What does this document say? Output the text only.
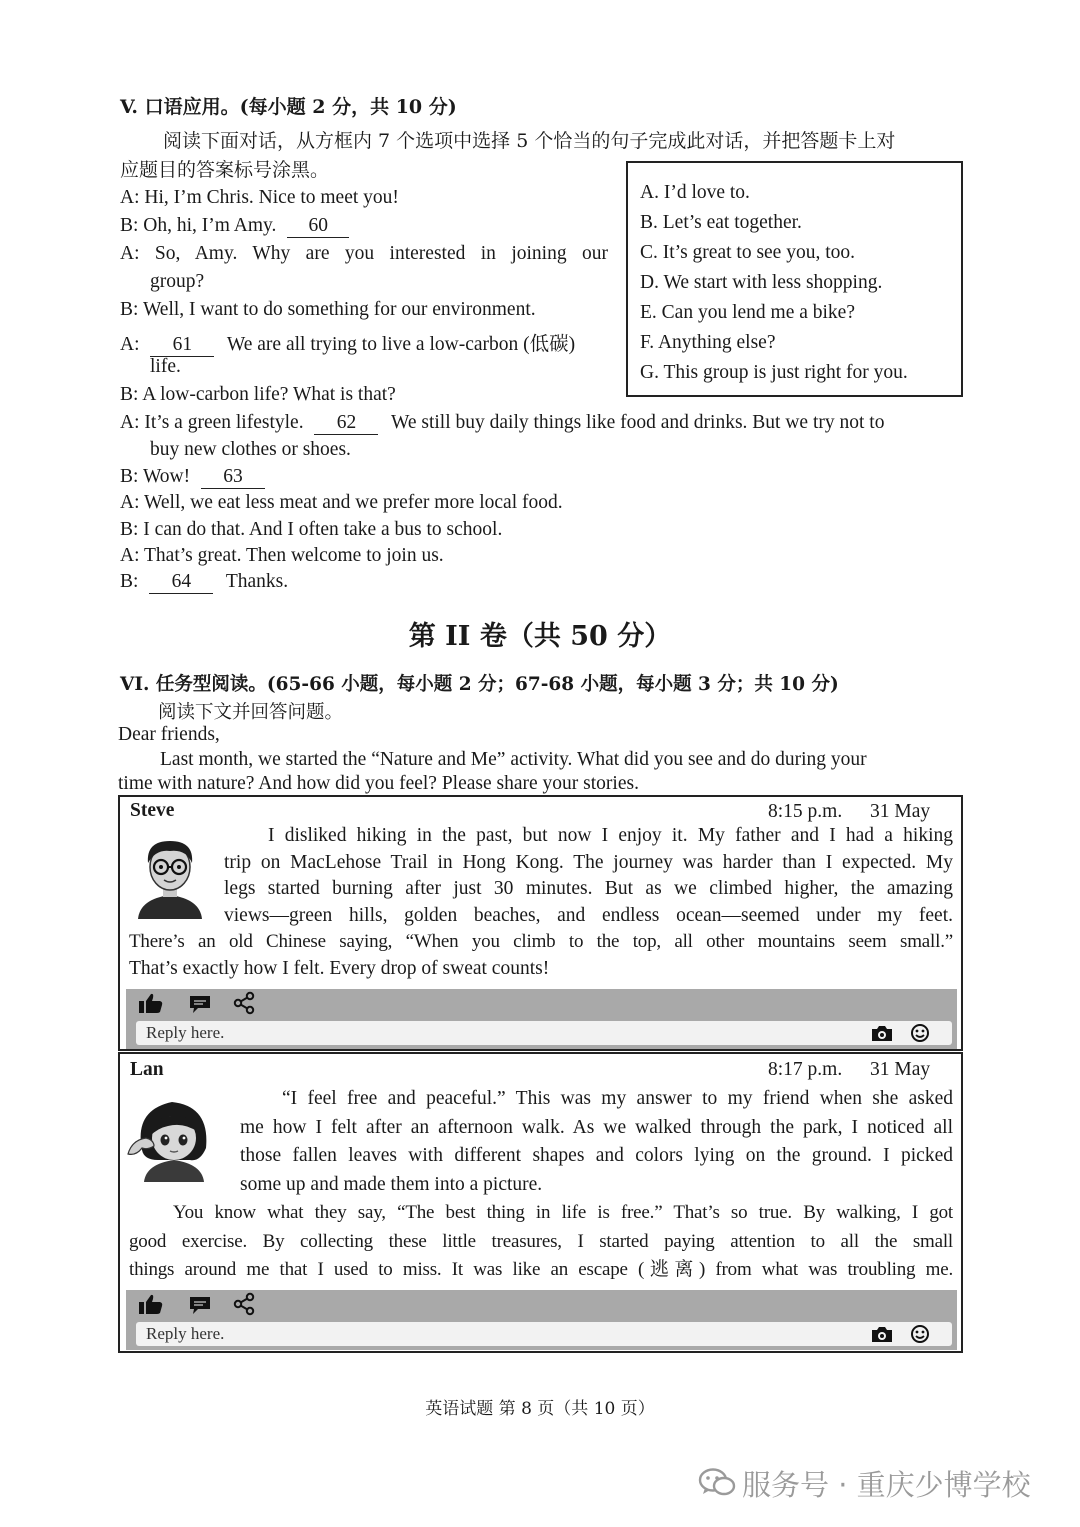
V. 口语应用。(每小题 2 分，共 10 分)
阅读下面对话，从方框内 7 个选项中选择 5 个恰当的句子完成此对话，并把答题卡上对
应题目的答案标号涂黑。
A. I’d love to.
B. Let’s eat together.
C. It’s great to see you, too.
D. We start with less shopping.
E. Can you lend me a bike?
F. Anything else?
G. This group is just right for you.
A: Hi, I’m Chris. Nice to meet you!
B: Oh, hi, I’m Amy. 60
A: So, Amy. Why are you interested in joining our
group?
B: Well, I want to do something for our environment.
A: 61 We are all trying to live a low-carbon (低碳)
life.
B: A low-carbon life? What is that?
A: It’s a green lifestyle. 62 We still buy daily things like food and drinks. But we try not to
buy new clothes or shoes.
B: Wow! 63
A: Well, we eat less meat and we prefer more local food.
B: I can do that. And I often take a bus to school.
A: That’s great. Then welcome to join us.
B: 64 Thanks.
第 II 卷（共 50 分）
VI. 任务型阅读。(65-66 小题，每小题 2 分；67-68 小题，每小题 3 分；共 10 分)
阅读下文并回答问题。
Dear friends,
Last month, we started the “Nature and Me” activity. What did you see and do during your
time with nature? And how did you feel? Please share your stories.
Steve	8:15 p.m. 31 May
I disliked hiking in the past, but now I enjoy it. My father and I had a hiking
trip on MacLehose Trail in Hong Kong. The journey was harder than I expected. My
legs started burning after just 30 minutes. But as we climbed higher, the amazing
views—green hills, golden beaches, and endless ocean—seemed under my feet.
There’s an old Chinese saying, “When you climb to the top, all other mountains seem small.”
That’s exactly how I felt. Every drop of sweat counts!
Reply here.
Lan	8:17 p.m. 31 May
“I feel free and peaceful.” This was my answer to my friend when she asked
me how I felt after an afternoon walk. As we walked through the park, I noticed all
those fallen leaves with different shapes and colors lying on the ground. I picked
some up and made them into a picture.
You know what they say, “The best thing in life is free.” That’s so true. By walking, I got
good exercise. By collecting these little treasures, I started paying attention to all the small
things around me that I used to miss. It was like an escape (逃离) from what was troubling me.
Reply here.
英语试题 第 8 页（共 10 页）
服务号 · 重庆少博学校
